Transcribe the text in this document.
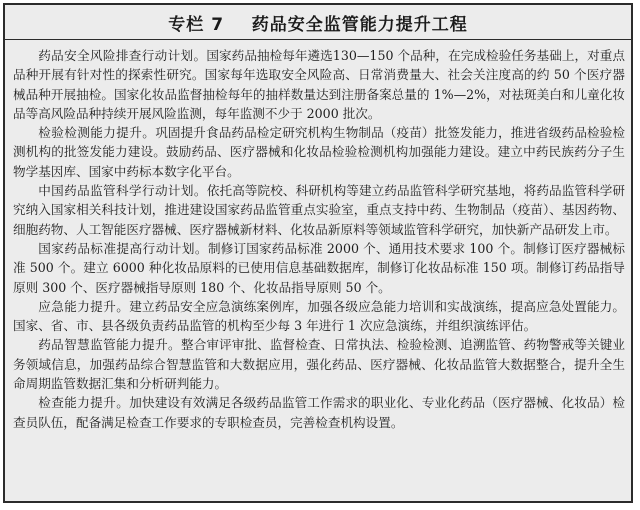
专栏 7    药品安全监管能力提升工程

药品安全风险排查行动计划。国家药品抽检每年遴选130—150 个品种，在完成检验任务基础上，对重点品种开展有针对性的探索性研究。国家每年选取安全风险高、日常消费量大、社会关注度高的约 50 个医疗器械品种开展抽检。国家化妆品监督抽检每年的抽样数量达到注册备案总量的 1%—2%，对祛斑美白和儿童化妆品等高风险品种持续开展风险监测，每年监测不少于 2000 批次。

检验检测能力提升。巩固提升食品药品检定研究机构生物制品（疫苗）批签发能力，推进省级药品检验检测机构的批签发能力建设。鼓励药品、医疗器械和化妆品检验检测机构加强能力建设。建立中药民族药分子生物学基因库、国家中药标本数字化平台。

中国药品监管科学行动计划。依托高等院校、科研机构等建立药品监管科学研究基地，将药品监管科学研究纳入国家相关科技计划，推进建设国家药品监管重点实验室，重点支持中药、生物制品（疫苗）、基因药物、细胞药物、人工智能医疗器械、医疗器械新材料、化妆品新原料等领域监管科学研究，加快新产品研发上市。

国家药品标准提高行动计划。制修订国家药品标准 2000 个、通用技术要求 100 个。制修订医疗器械标准 500 个。建立 6000 种化妆品原料的已使用信息基础数据库，制修订化妆品标准 150 项。制修订药品指导原则 300 个、医疗器械指导原则 180 个、化妆品指导原则 50 个。

应急能力提升。建立药品安全应急演练案例库，加强各级应急能力培训和实战演练，提高应急处置能力。国家、省、市、县各级负责药品监管的机构至少每 3 年进行 1 次应急演练，并组织演练评估。

药品智慧监管能力提升。整合审评审批、监督检查、日常执法、检验检测、追溯监管、药物警戒等关键业务领域信息，加强药品综合智慧监管和大数据应用，强化药品、医疗器械、化妆品监管大数据整合，提升全生命周期监管数据汇集和分析研判能力。

检查能力提升。加快建设有效满足各级药品监管工作需求的职业化、专业化药品（医疗器械、化妆品）检查员队伍，配备满足检查工作要求的专职检查员，完善检查机构设置。
